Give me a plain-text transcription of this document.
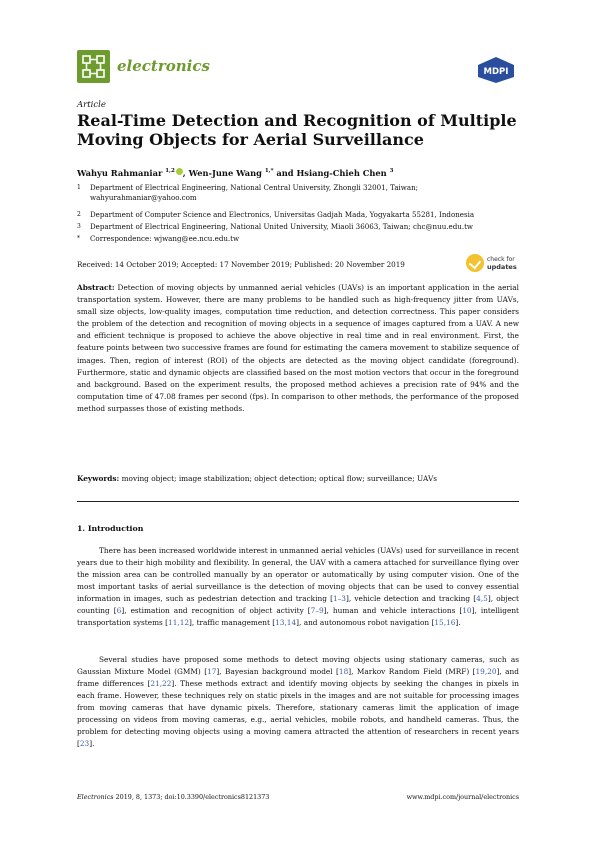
electronics	MDPI
Article
Real-Time Detection and Recognition of Multiple Moving Objects for Aerial Surveillance
Wahyu Rahmaniar $^{1,2}$ , Wen-June Wang $^{1,*}$ and Hsiang-Chieh Chen $^3$
1 Department of Electrical Engineering, National Central University, Zhongli 32001, Taiwan;
wahyurahmaniar@yahoo.com
2 Department of Computer Science and Electronics, Universitas Gadjah Mada, Yogyakarta 55281, Indonesia
3 Department of Electrical Engineering, National United University, Miaoli 36063, Taiwan; chc@nuu.edu.tw
* Correspondence: wjwang@ee.ncu.edu.tw
Received: 14 October 2019; Accepted: 17 November 2019; Published: 20 November 2019
check for
updates
Abstract: Detection of moving objects by unmanned aerial vehicles (UAVs) is an important application in the aerial transportation system. However, there are many problems to be handled such as high-frequency jitter from UAVs, small size objects, low-quality images, computation time reduction, and detection correctness. This paper considers the problem of the detection and recognition of moving objects in a sequence of images captured from a UAV. A new and efficient technique is proposed to achieve the above objective in real time and in real environment. First, the feature points between two successive frames are found for estimating the camera movement to stabilize sequence of images. Then, region of interest (ROI) of the objects are detected as the moving object candidate (foreground). Furthermore, static and dynamic objects are classified based on the most motion vectors that occur in the foreground and background. Based on the experiment results, the proposed method achieves a precision rate of 94% and the computation time of 47.08 frames per second (fps). In comparison to other methods, the performance of the proposed method surpasses those of existing methods.
Keywords: moving object; image stabilization; object detection; optical flow; surveillance; UAVs
1. Introduction
There has been increased worldwide interest in unmanned aerial vehicles (UAVs) used for surveillance in recent years due to their high mobility and flexibility. In general, the UAV with a camera attached for surveillance flying over the mission area can be controlled manually by an operator or automatically by using computer vision. One of the most important tasks of aerial surveillance is the detection of moving objects that can be used to convey essential information in images, such as pedestrian detection and tracking [1–3], vehicle detection and tracking [4,5], object counting [6], estimation and recognition of object activity [7–9], human and vehicle interactions [10], intelligent transportation systems [11,12], traffic management [13,14], and autonomous robot navigation [15,16].
Several studies have proposed some methods to detect moving objects using stationary cameras, such as Gaussian Mixture Model (GMM) [17], Bayesian background model [18], Markov Random Field (MRF) [19,20], and frame differences [21,22]. These methods extract and identify moving objects by seeking the changes in pixels in each frame. However, these techniques rely on static pixels in the images and are not suitable for processing images from moving cameras that have dynamic pixels. Therefore, stationary cameras limit the application of image processing on videos from moving cameras, e.g., aerial vehicles, mobile robots, and handheld cameras. Thus, the problem for detecting moving objects using a moving camera attracted the attention of researchers in recent years [23].
Electronics 2019, 8, 1373; doi:10.3390/electronics8121373	www.mdpi.com/journal/electronics
